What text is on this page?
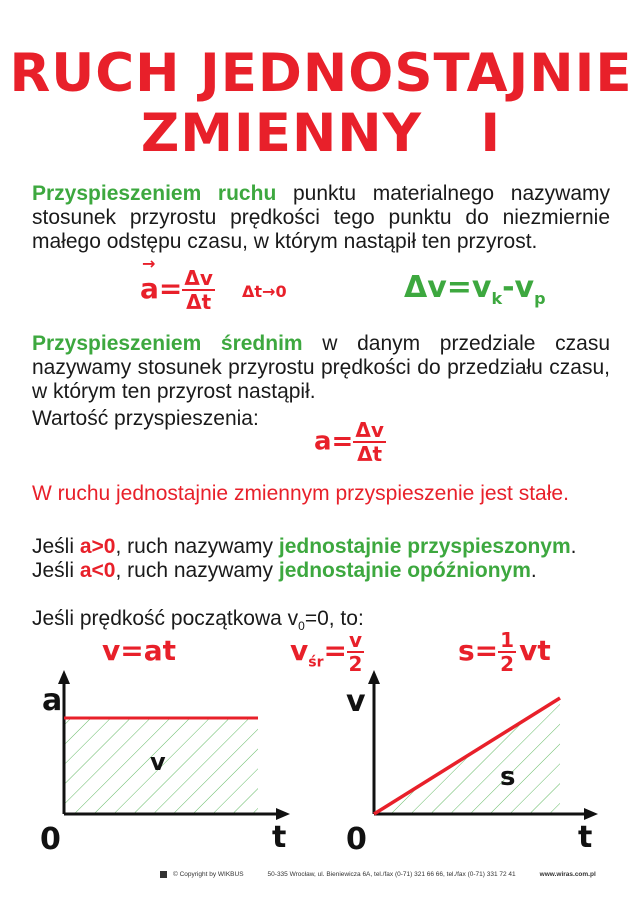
RUCH JEDNOSTAJNIE
ZMIENNY   I
Przyspieszeniem ruchu punktu materialnego nazywamy stosunek przyrostu prędkości tego punktu do niezmiernie małego odstępu czasu, w którym nastąpił ten przyrost.
a
→
= $\frac{\Delta v}{\Delta t} \Delta t\to 0$	$\Delta v=v_k-v_p$
Przyspieszeniem średnim w danym przedziale czasu nazywamy stosunek przyrostu prędkości do przedziału czasu, w którym ten przyrost nastąpił.
Wartość przyspieszenia:
$a= \frac{\Delta v}{\Delta t}$
W ruchu jednostajnie zmiennym przyspieszenie jest stałe.
Jeśli a>0, ruch nazywamy jednostajnie przyspieszonym.
Jeśli a<0, ruch nazywamy jednostajnie opóźnionym.
Jeśli prędkość początkowa $v_0=0$, to:
v=at	$v_{śr}= \frac{v}{2}$	$s= \frac{1}{2}$ vt
a
t
0
v
v
t
0
s
© Copyright by WIKBUS	50-335 Wrocław, ul. Bieniewicza 6A, tel./fax (0-71) 321 66 66, tel./fax (0-71) 331 72 41	www.wiras.com.pl
